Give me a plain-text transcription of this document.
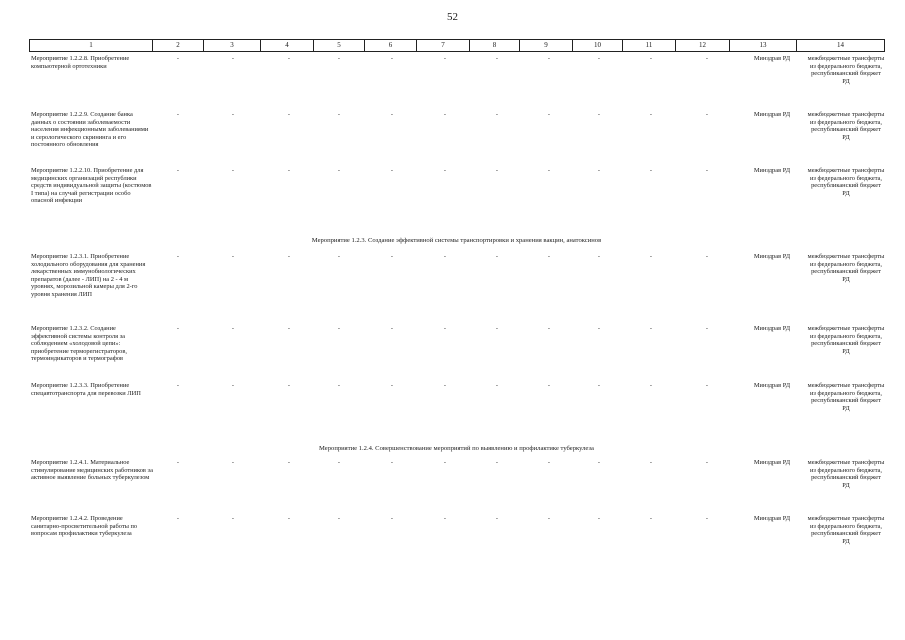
52
1	2	3	4	5	6	7	8	9	10	11	12	13	14
Мероприятие 1.2.2.8. Приобретение компьютерной ортотехники
-	-	-	-	-	-	-	-	-	-	-	Минздрав РД	межбюджетные трансферты из федерального бюджета, республиканский бюджет РД
Мероприятие 1.2.2.9. Создание банка данных о состоянии заболеваемости населения инфекционными заболеваниями и серологического скрининга и его постоянного обновления
-	-	-	-	-	-	-	-	-	-	-	Минздрав РД	межбюджетные трансферты из федерального бюджета, республиканский бюджет РД
Мероприятие 1.2.2.10. Приобретение для медицинских организаций республики средств индивидуальной защиты (костюмов I типа) на случай регистрации особо опасной инфекции
-	-	-	-	-	-	-	-	-	-	-	Минздрав РД	межбюджетные трансферты из федерального бюджета, республиканский бюджет РД
Мероприятие 1.2.3.1. Приобретение холодильного оборудования для хранения лекарственных иммунобиологических препаратов (далее - ЛИП) на 2 - 4 м уровнях, морозильной камеры для 2-го уровня хранения ЛИП
-	-	-	-	-	-	-	-	-	-	-	Минздрав РД	межбюджетные трансферты из федерального бюджета, республиканский бюджет РД
Мероприятие 1.2.3.2. Создание эффективной системы контроля за соблюдением «холодовой цепи»: приобретение терморегистраторов, термоиндикаторов и термографов
-	-	-	-	-	-	-	-	-	-	-	Минздрав РД	межбюджетные трансферты из федерального бюджета, республиканский бюджет РД
Мероприятие 1.2.3.3. Приобретение спецавтотранспорта для перевозки ЛИП
-	-	-	-	-	-	-	-	-	-	-	Минздрав РД	межбюджетные трансферты из федерального бюджета, республиканский бюджет РД
Мероприятие 1.2.4.1. Материальное стимулирование медицинских работников за активное выявление больных туберкулезом
-	-	-	-	-	-	-	-	-	-	-	Минздрав РД	межбюджетные трансферты из федерального бюджета, республиканский бюджет РД
Мероприятие 1.2.4.2. Проведение санитарно-просветительной работы по вопросам профилактики туберкулеза
-	-	-	-	-	-	-	-	-	-	-	Минздрав РД	межбюджетные трансферты из федерального бюджета, республиканский бюджет РД
Мероприятие 1.2.3. Создание эффективной системы транспортировки и хранения вакцин, анатоксинов
Мероприятие 1.2.4. Совершенствование мероприятий по выявлению и профилактике туберкулеза
